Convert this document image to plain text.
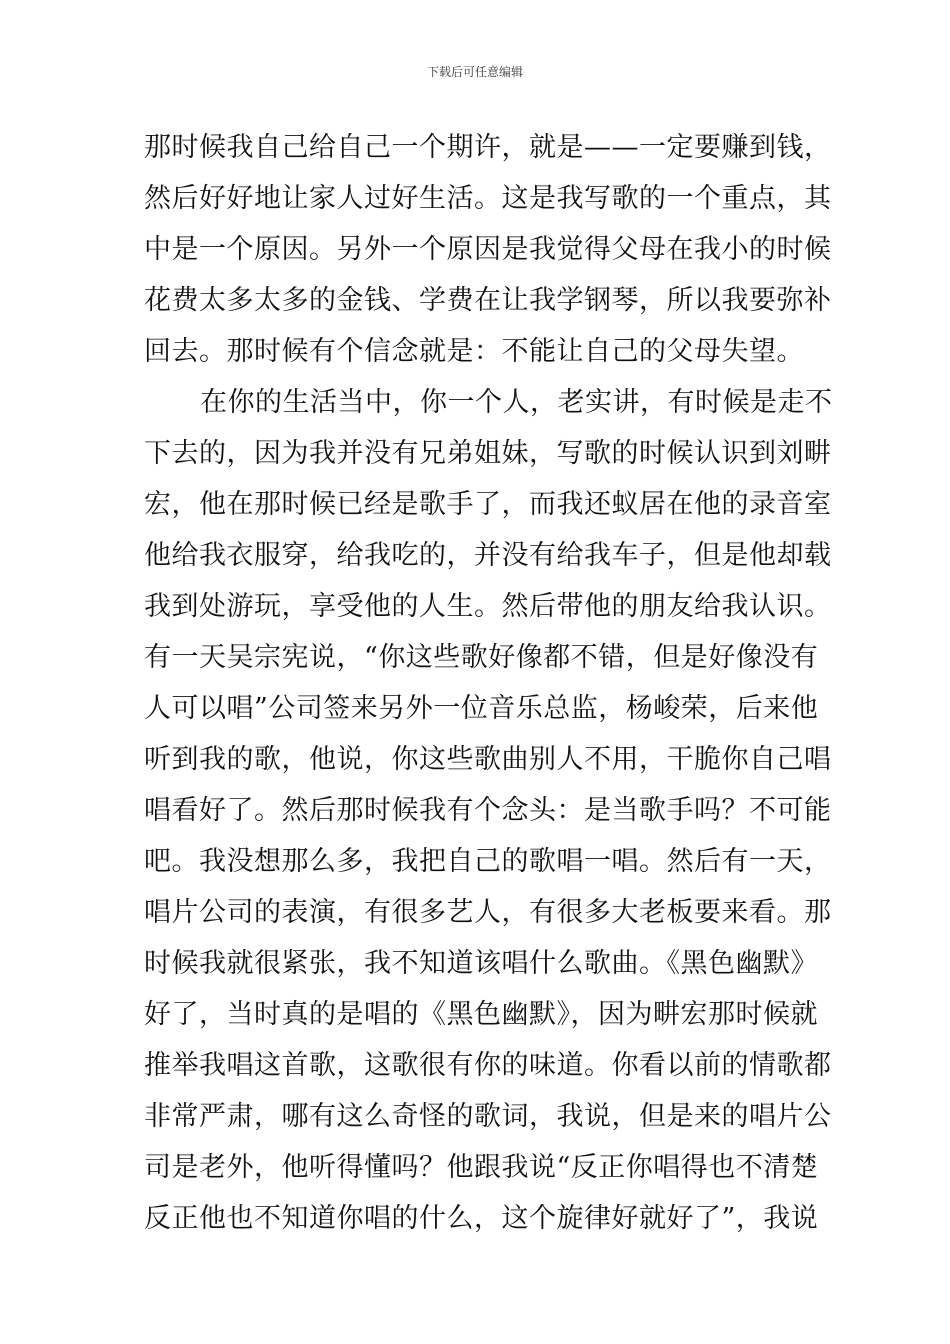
下载后可任意编辑
那时候我自己给自己一个期许，就是——一定要赚到钱，
然后好好地让家人过好生活。这是我写歌的一个重点，其
中是一个原因。另外一个原因是我觉得父母在我小的时候
花费太多太多的金钱、学费在让我学钢琴，所以我要弥补
回去。那时候有个信念就是：不能让自己的父母失望。
在你的生活当中，你一个人，老实讲，有时候是走不
下去的，因为我并没有兄弟姐妹，写歌的时候认识到刘畊
宏，他在那时候已经是歌手了，而我还蚁居在他的录音室
他给我衣服穿，给我吃的，并没有给我车子，但是他却载
我到处游玩，享受他的人生。然后带他的朋友给我认识。
有一天吴宗宪说，“你这些歌好像都不错，但是好像没有
人可以唱”公司签来另外一位音乐总监，杨峻荣，后来他
听到我的歌，他说，你这些歌曲别人不用，干脆你自己唱
唱看好了。然后那时候我有个念头：是当歌手吗？不可能
吧。我没想那么多，我把自己的歌唱一唱。然后有一天，
唱片公司的表演，有很多艺人，有很多大老板要来看。那
时候我就很紧张，我不知道该唱什么歌曲。《黑色幽默》
好了，当时真的是唱的《黑色幽默》，因为畊宏那时候就
推举我唱这首歌，这歌很有你的味道。你看以前的情歌都
非常严肃，哪有这么奇怪的歌词，我说，但是来的唱片公
司是老外，他听得懂吗？他跟我说“反正你唱得也不清楚
反正他也不知道你唱的什么，这个旋律好就好了”，我说
